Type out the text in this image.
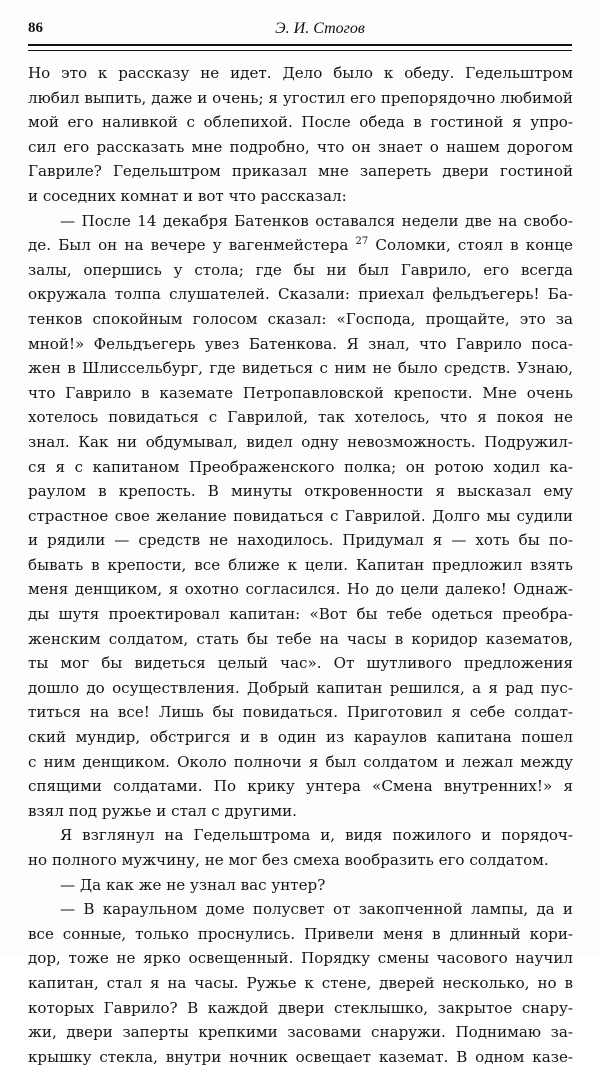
86	Э. И. Стогов
Но это к рассказу не идет. Дело было к обеду. Гедельштром
любил выпить, даже и очень; я угостил его препорядочно любимой
мой его наливкой с облепихой. После обеда в гостиной я упро-
сил его рассказать мне подробно, что он знает о нашем дорогом
Гавриле? Гедельштром приказал мне запереть двери гостиной
и соседних комнат и вот что рассказал:
— После 14 декабря Батенков оставался недели две на свобо-
де. Был он на вечере у вагенмейстера $^{27}$ Соломки, стоял в конце
залы, опершись у стола; где бы ни был Гаврило, его всегда
окружала толпа слушателей. Сказали: приехал фельдъегерь! Ба-
тенков спокойным голосом сказал: «Господа, прощайте, это за
мной!» Фельдъегерь увез Батенкова. Я знал, что Гаврило поса-
жен в Шлиссельбург, где видеться с ним не было средств. Узнаю,
что Гаврило в каземате Петропавловской крепости. Мне очень
хотелось повидаться с Гаврилой, так хотелось, что я покоя не
знал. Как ни обдумывал, видел одну невозможность. Подружил-
ся я с капитаном Преображенского полка; он ротою ходил ка-
раулом в крепость. В минуты откровенности я высказал ему
страстное свое желание повидаться с Гаврилой. Долго мы судили
и рядили — средств не находилось. Придумал я — хоть бы по-
бывать в крепости, все ближе к цели. Капитан предложил взять
меня денщиком, я охотно согласился. Но до цели далеко! Однаж-
ды шутя проектировал капитан: «Вот бы тебе одеться преобра-
женским солдатом, стать бы тебе на часы в коридор казематов,
ты мог бы видеться целый час». От шутливого предложения
дошло до осуществления. Добрый капитан решился, а я рад пус-
титься на все! Лишь бы повидаться. Приготовил я себе солдат-
ский мундир, обстригся и в один из караулов капитана пошел
с ним денщиком. Около полночи я был солдатом и лежал между
спящими солдатами. По крику унтера «Смена внутренних!» я
взял под ружье и стал с другими.
Я взглянул на Гедельштрома и, видя пожилого и порядоч-
но полного мужчину, не мог без смеха вообразить его солдатом.
— Да как же не узнал вас унтер?
— В караульном доме полусвет от закопченной лампы, да и
все сонные, только проснулись. Привели меня в длинный кори-
дор, тоже не ярко освещенный. Порядку смены часового научил
капитан, стал я на часы. Ружье к стене, дверей несколько, но в
которых Гаврило? В каждой двери стеклышко, закрытое снару-
жи, двери заперты крепкими засовами снаружи. Поднимаю за-
крышку стекла, внутри ночник освещает каземат. В одном казе-
